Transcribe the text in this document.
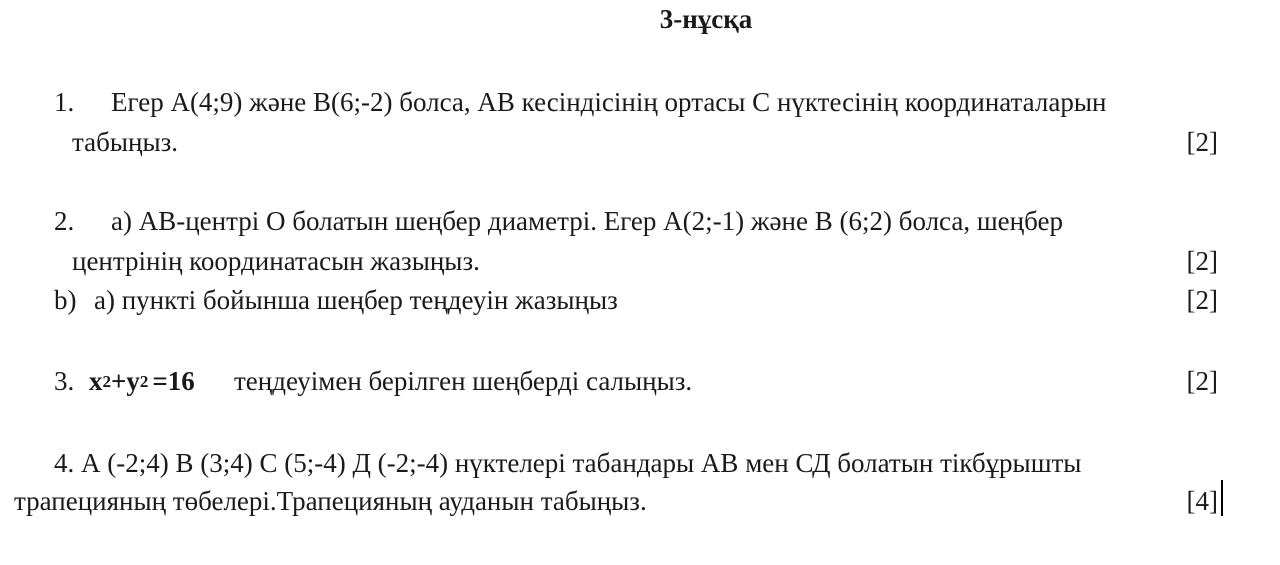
3-нұсқа
1. Егер А(4;9) және В(6;-2) болса, АВ кесіндісінің ортасы С нүктесінің координаталарын
табыңыз.	[2]
2. а) АВ-центрі О болатын шеңбер диаметрі. Егер А(2;-1) және В (6;2) болса, шеңбер
центрінің координатасын жазыңыз.	[2]
b) а) пункті бойынша шеңбер теңдеуін жазыңыз	[2]
3. $x^2+y^2 =16$ теңдеуімен берілген шеңберді салыңыз.	[2]
4. А (-2;4) В (3;4) С (5;-4) Д (-2;-4) нүктелері табандары АВ мен СД болатын тікбұрышты
трапецияның төбелері.Трапецияның ауданын табыңыз.	[4]
